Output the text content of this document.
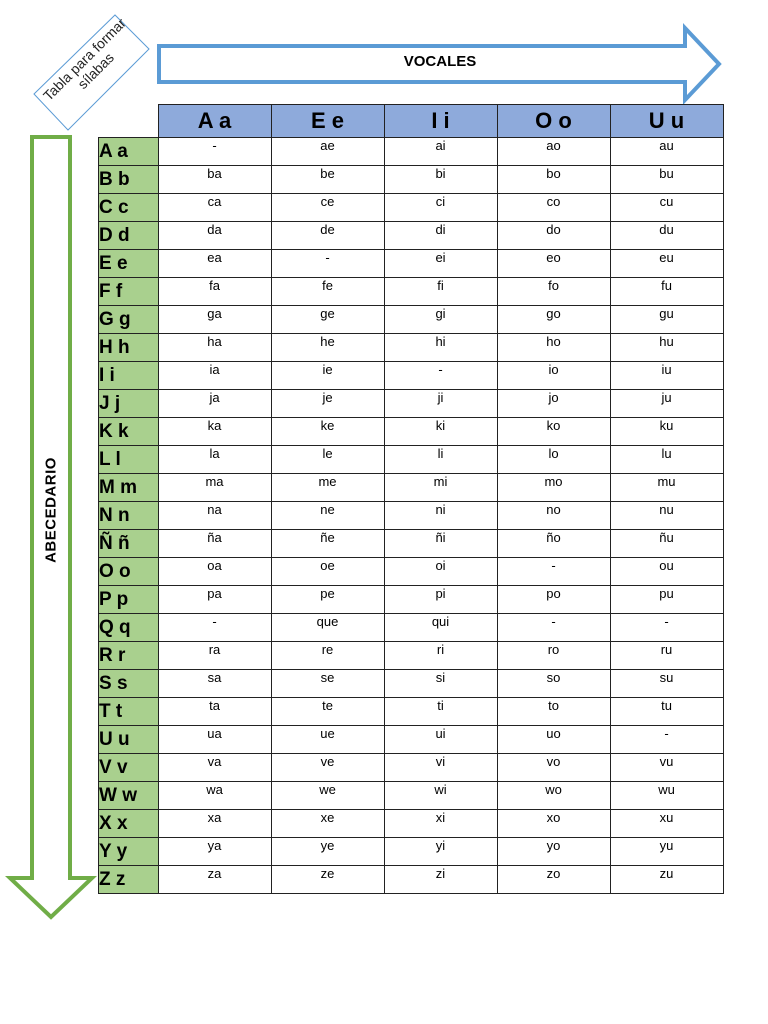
Tabla para formar sílabas	VOCALES
ABECEDARIO
	A a	E e	I i	O o	U u
A a	-	ae	ai	ao	au
B b	ba	be	bi	bo	bu
C c	ca	ce	ci	co	cu
D d	da	de	di	do	du
E e	ea	-	ei	eo	eu
F f	fa	fe	fi	fo	fu
G g	ga	ge	gi	go	gu
H h	ha	he	hi	ho	hu
I i	ia	ie	-	io	iu
J j	ja	je	ji	jo	ju
K k	ka	ke	ki	ko	ku
L l	la	le	li	lo	lu
M m	ma	me	mi	mo	mu
N n	na	ne	ni	no	nu
Ñ ñ	ña	ñe	ñi	ño	ñu
O o	oa	oe	oi	-	ou
P p	pa	pe	pi	po	pu
Q q	-	que	qui	-	-
R r	ra	re	ri	ro	ru
S s	sa	se	si	so	su
T t	ta	te	ti	to	tu
U u	ua	ue	ui	uo	-
V v	va	ve	vi	vo	vu
W w	wa	we	wi	wo	wu
X x	xa	xe	xi	xo	xu
Y y	ya	ye	yi	yo	yu
Z z	za	ze	zi	zo	zu
